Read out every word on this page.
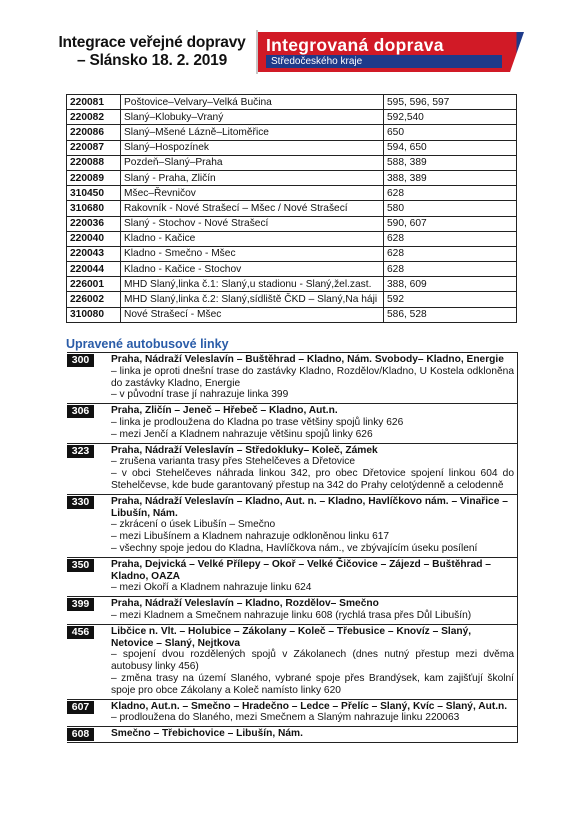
Integrace veřejné dopravy
– Slánsko 18. 2. 2019
Integrovaná doprava
Středočeského kraje
220081	Poštovice–Velvary–Velká Bučina	595, 596, 597
220082	Slaný–Klobuky–Vraný	592,540
220086	Slaný–Mšené Lázně–Litoměřice	650
220087	Slaný–Hospozínek	594, 650
220088	Pozdeň–Slaný–Praha	588, 389
220089	Slaný - Praha, Zličín	388, 389
310450	Mšec–Řevničov	628
310680	Rakovník - Nové Strašecí – Mšec / Nové Strašecí	580
220036	Slaný - Stochov - Nové Strašecí	590, 607
220040	Kladno - Kačice	628
220043	Kladno - Smečno - Mšec	628
220044	Kladno - Kačice - Stochov	628
226001	MHD Slaný,linka č.1: Slaný,u stadionu - Slaný,žel.zast.	388, 609
226002	MHD Slaný,linka č.2: Slaný,sídliště ČKD – Slaný,Na háji	592
310080	Nové Strašecí - Mšec	586, 528
Upravené autobusové linky
300	Praha, Nádraží Veleslavín – Buštěhrad – Kladno, Nám. Svobody– Kladno, Energie
– linka je oproti dnešní trase do zastávky Kladno, Rozdělov/Kladno, U Kostela odkloněna do zastávky Kladno, Energie
– v původní trase jí nahrazuje linka 399
306	Praha, Zličín – Jeneč – Hřebeč – Kladno, Aut.n.
– linka je prodloužena do Kladna po trase většiny spojů linky 626
– mezi Jenčí a Kladnem nahrazuje většinu spojů linky 626
323	Praha, Nádraží Veleslavín – Středokluky– Koleč, Zámek
– zrušena varianta trasy přes Stehelčeves a Dřetovice
– v obci Stehelčeves náhrada linkou 342, pro obec Dřetovice spojení linkou 604 do Stehelčevse, kde bude garantovaný přestup na 342 do Prahy celotýdenně a celodenně
330	Praha, Nádraží Veleslavín – Kladno, Aut. n. – Kladno, Havlíčkovo nám. – Vinařice – Libušín, Nám.
– zkrácení o úsek Libušín – Smečno
– mezi Libušínem a Kladnem nahrazuje odkloněnou linku 617
– všechny spoje jedou do Kladna, Havlíčkova nám., ve zbývajícím úseku posílení
350	Praha, Dejvická – Velké Přílepy – Okoř – Velké Čičovice – Zájezd – Buštěhrad – Kladno, OAZA
– mezi Okoří a Kladnem nahrazuje linku 624
399	Praha, Nádraží Veleslavín – Kladno, Rozdělov– Smečno
– mezi Kladnem a Smečnem nahrazuje linku 608 (rychlá trasa přes Důl Libušín)
456	Libčice n. Vlt. – Holubice – Zákolany – Koleč – Třebusice – Knovíz – Slaný, Netovice – Slaný, Nejtkova
– spojení dvou rozdělených spojů v Zákolanech (dnes nutný přestup mezi dvěma autobusy linky 456)
– změna trasy na území Slaného, vybrané spoje přes Brandýsek, kam zajišťují školní spoje pro obce Zákolany a Koleč namísto linky 620
607	Kladno, Aut.n. – Smečno – Hradečno – Ledce – Přelíc – Slaný, Kvíc – Slaný, Aut.n.
– prodloužena do Slaného, mezi Smečnem a Slaným nahrazuje linku 220063
608	Smečno – Třebichovice – Libušín, Nám.
